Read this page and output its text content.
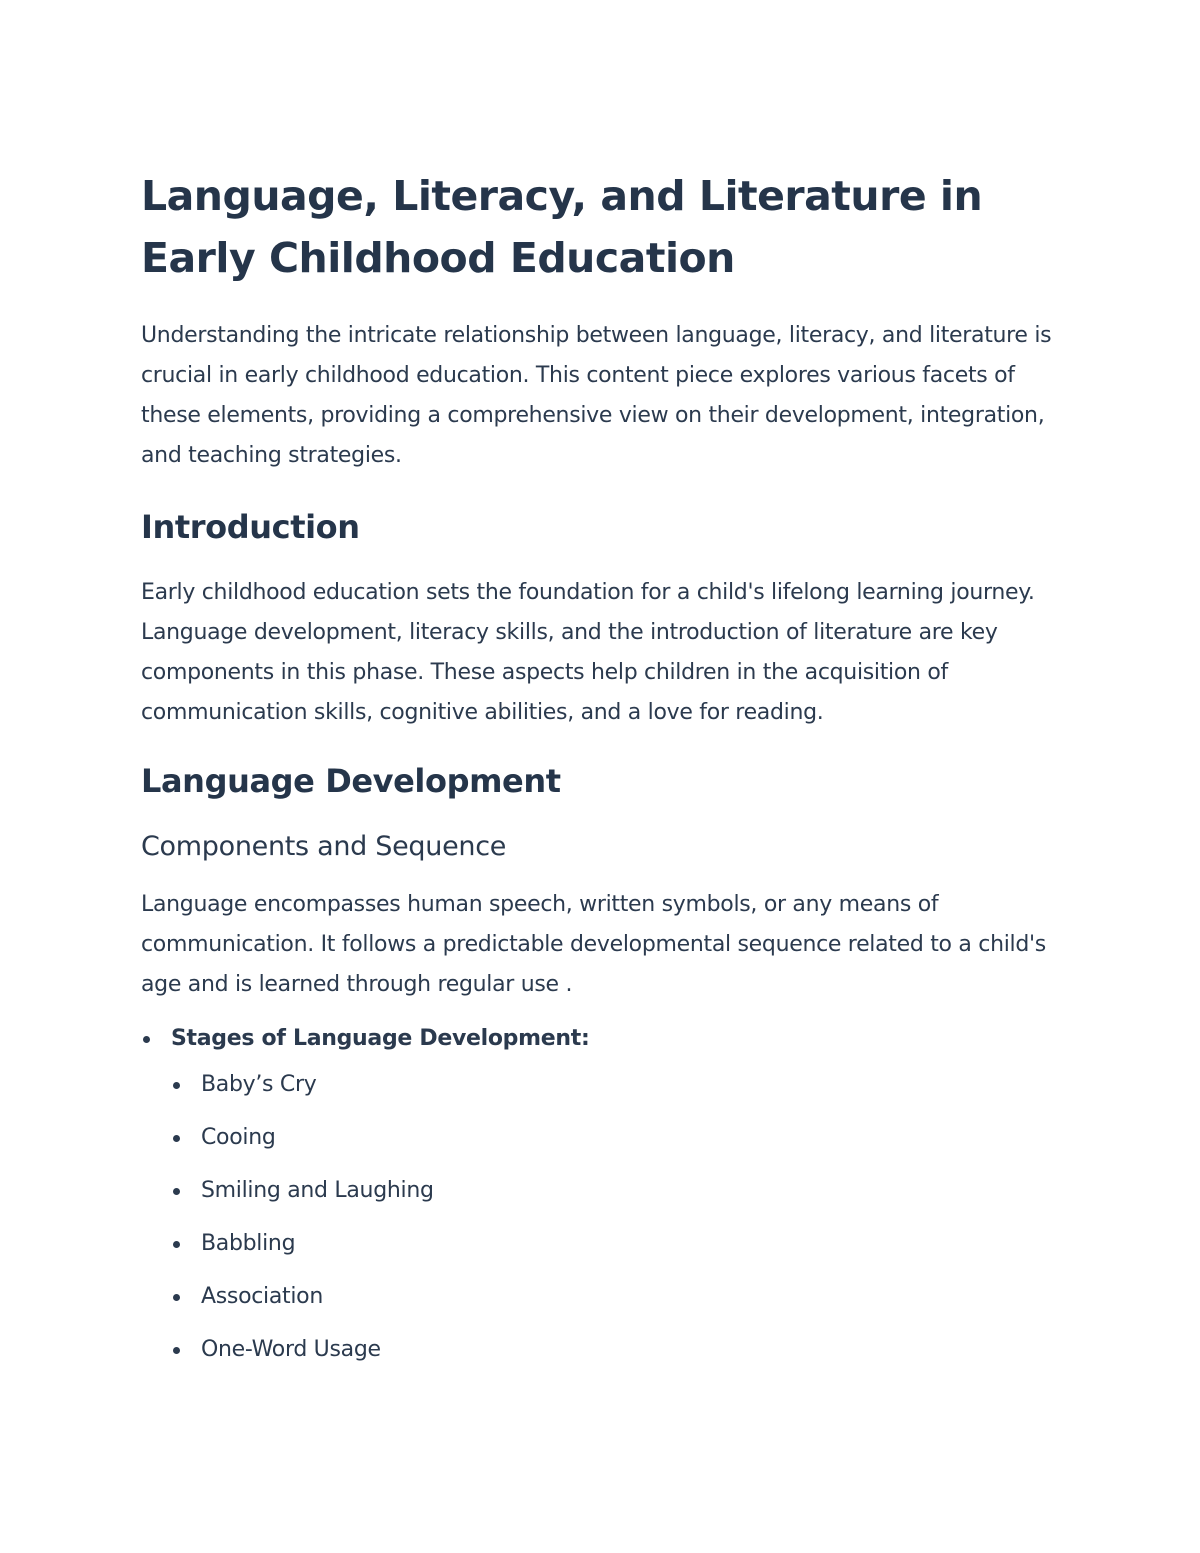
Language, Literacy, and Literature in Early Childhood Education

Understanding the intricate relationship between language, literacy, and literature is crucial in early childhood education. This content piece explores various facets of these elements, providing a comprehensive view on their development, integration, and teaching strategies.

Introduction

Early childhood education sets the foundation for a child's lifelong learning journey. Language development, literacy skills, and the introduction of literature are key components in this phase. These aspects help children in the acquisition of communication skills, cognitive abilities, and a love for reading.

Language Development
Components and Sequence

Language encompasses human speech, written symbols, or any means of communication. It follows a predictable developmental sequence related to a child's age and is learned through regular use .

Stages of Language Development:
Baby’s Cry
Cooing
Smiling and Laughing
Babbling
Association
One-Word Usage
